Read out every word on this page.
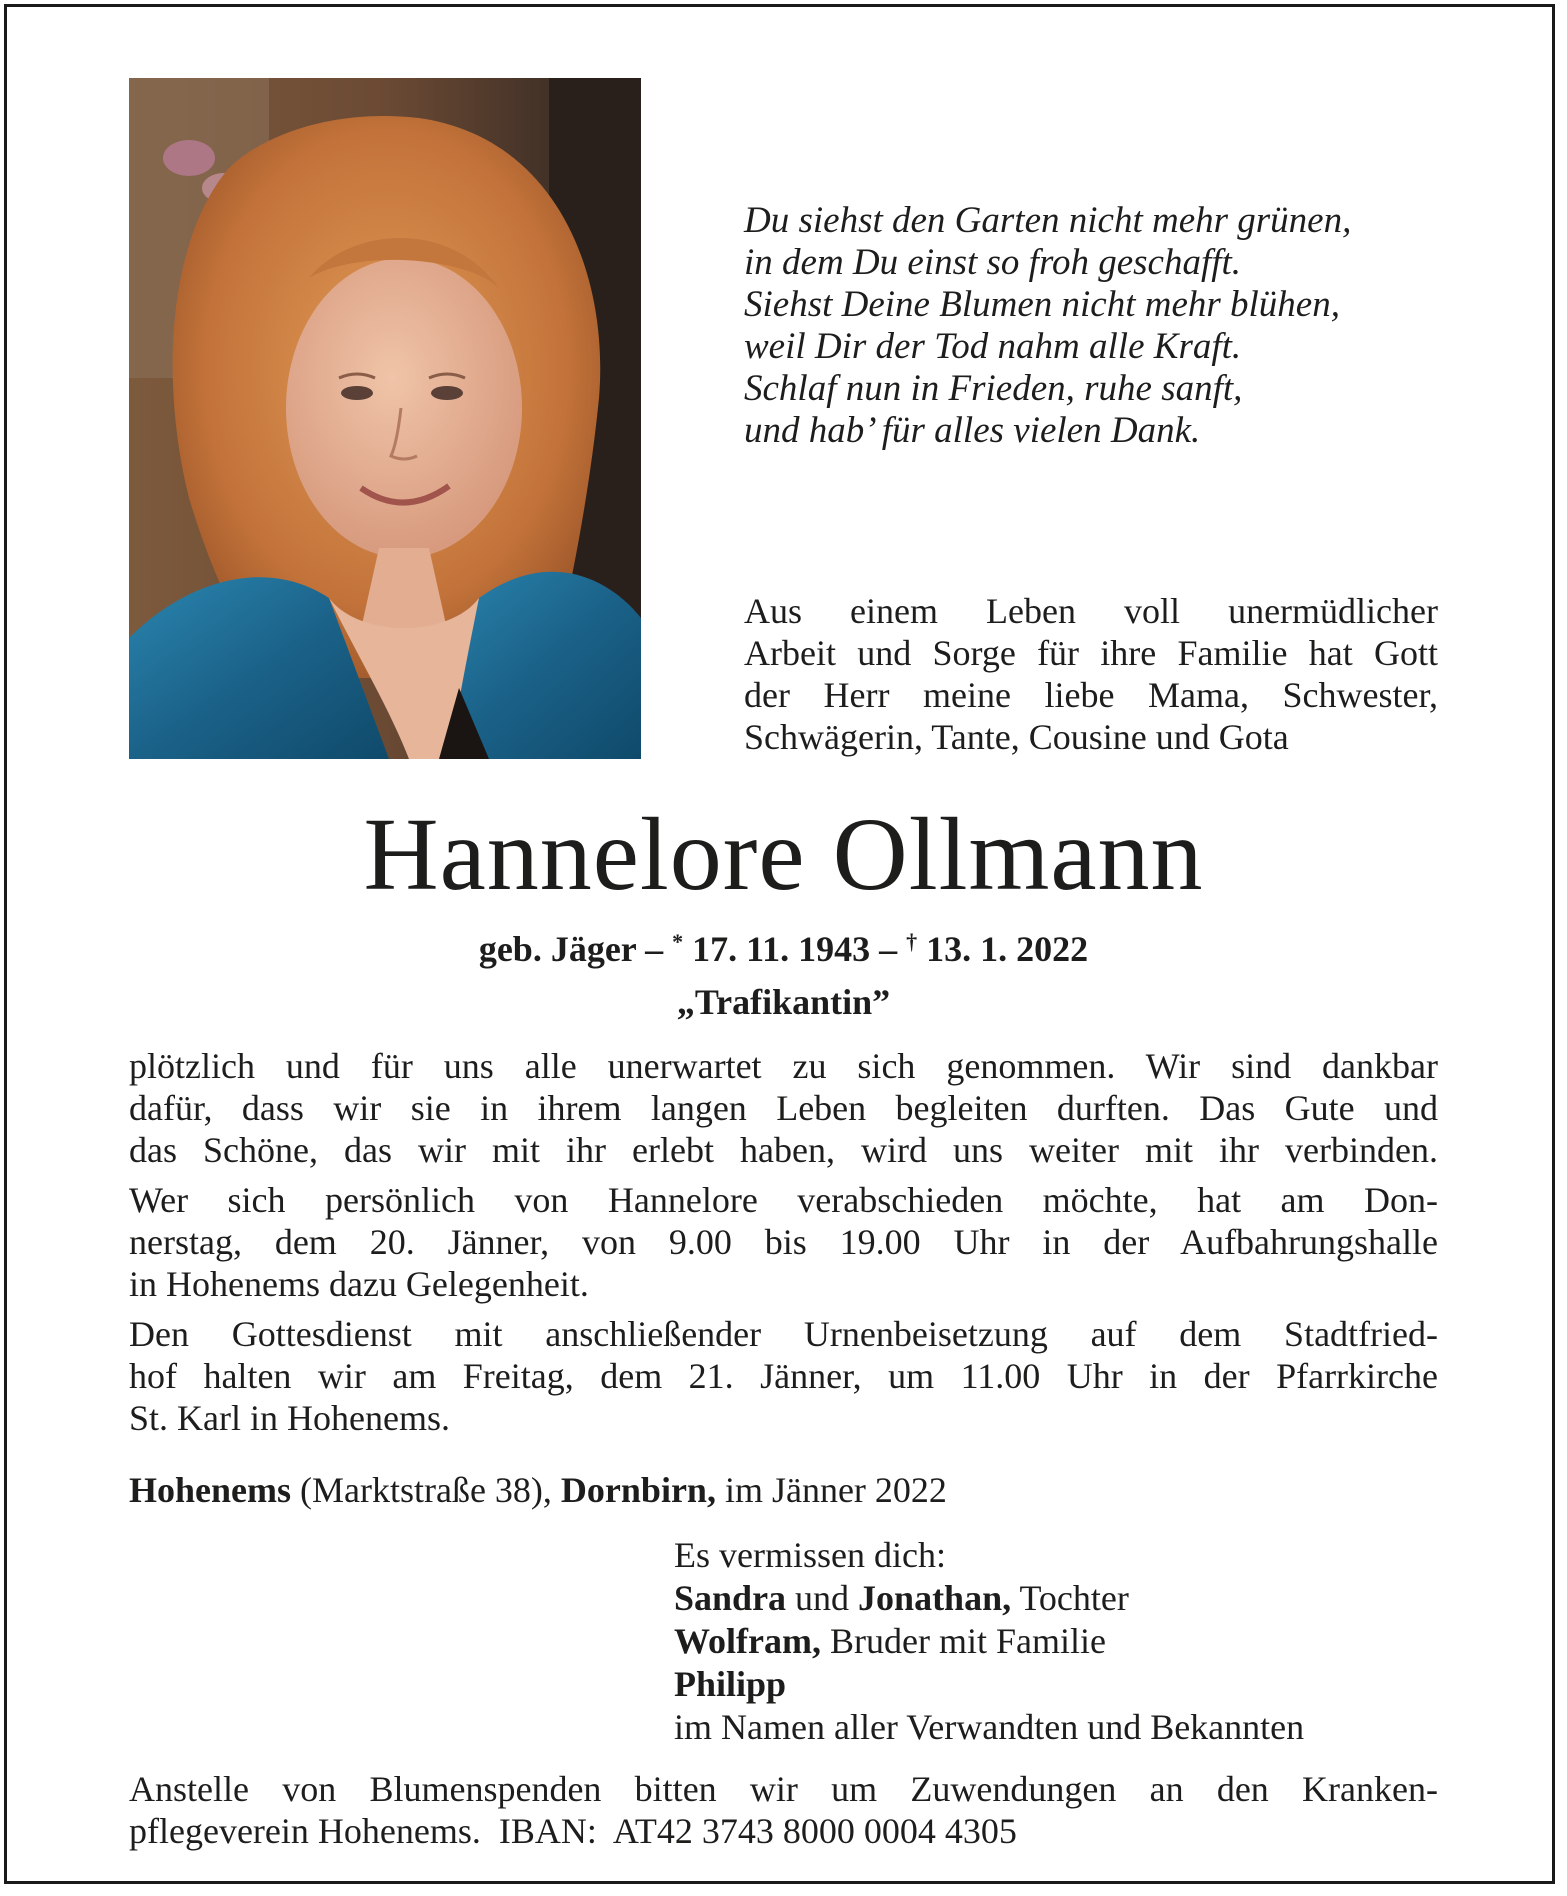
Du siehst den Garten nicht mehr grünen,
in dem Du einst so froh geschafft.
Siehst Deine Blumen nicht mehr blühen,
weil Dir der Tod nahm alle Kraft.
Schlaf nun in Frieden, ruhe sanft,
und hab’ für alles vielen Dank.
Aus einem Leben voll unermüdlicher
Arbeit und Sorge für ihre Familie hat Gott
der Herr meine liebe Mama, Schwester,
Schwägerin, Tante, Cousine und Gota
Hannelore Ollmann
geb. Jäger – * 17. 11. 1943 – † 13. 1. 2022
„Trafikantin”

plötzlich und für uns alle unerwartet zu sich genommen. Wir sind dankbar
dafür, dass wir sie in ihrem langen Leben begleiten durften. Das Gute und
das Schöne, das wir mit ihr erlebt haben, wird uns weiter mit ihr verbinden.

Wer sich persönlich von Hannelore verabschieden möchte, hat am Don-
nerstag, dem 20. Jänner, von 9.00 bis 19.00 Uhr in der Aufbahrungshalle
in Hohenems dazu Gelegenheit.

Den Gottesdienst mit anschließender Urnenbeisetzung auf dem Stadtfried-
hof halten wir am Freitag, dem 21. Jänner, um 11.00 Uhr in der Pfarrkirche
St. Karl in Hohenems.

Hohenems (Marktstraße 38), Dornbirn, im Jänner 2022
Es vermissen dich:
Sandra und Jonathan, Tochter
Wolfram, Bruder mit Familie
Philipp
im Namen aller Verwandten und Bekannten
Anstelle von Blumenspenden bitten wir um Zuwendungen an den Kranken-
pflegeverein Hohenems.  IBAN:  AT42 3743 8000 0004 4305
